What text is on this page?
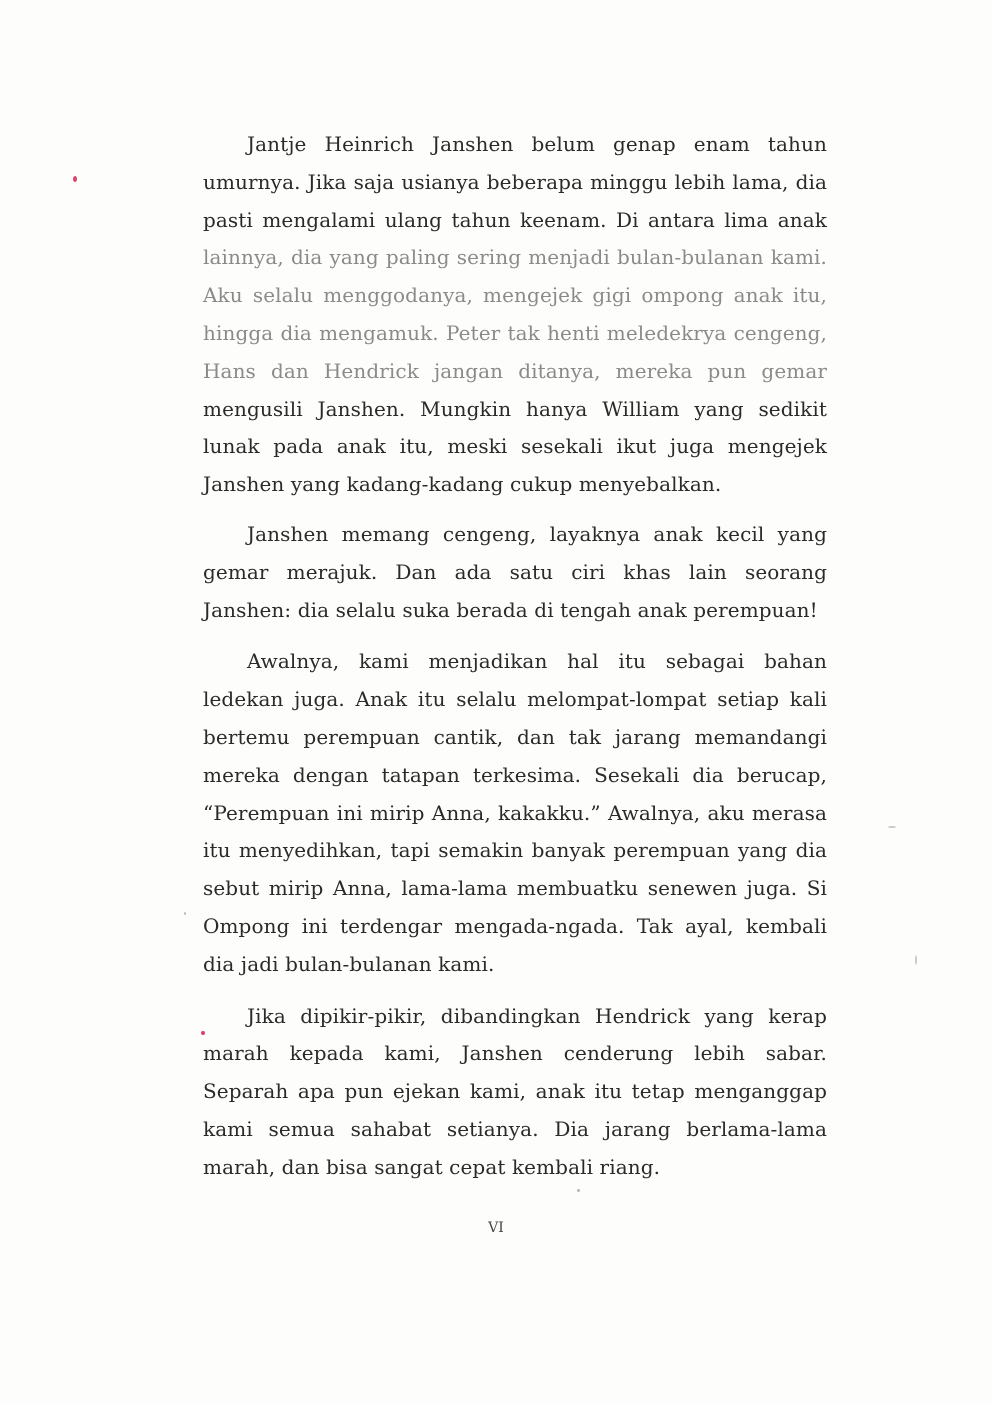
Jantje Heinrich Janshen belum genap enam tahun umurnya. Jika saja usianya beberapa minggu lebih lama, dia pasti mengalami ulang tahun keenam. Di antara lima anak lainnya, dia yang paling sering menjadi bulan-bulanan kami. Aku selalu menggodanya, mengejek gigi ompong anak itu, hingga dia mengamuk. Peter tak henti meledekrya cengeng, Hans dan Hendrick jangan ditanya, mereka pun gemar mengusili Janshen. Mungkin hanya William yang sedikit lunak pada anak itu, meski sesekali ikut juga mengejek Janshen yang kadang-kadang cukup menyebalkan.

Janshen memang cengeng, layaknya anak kecil yang gemar merajuk. Dan ada satu ciri khas lain seorang Janshen: dia selalu suka berada di tengah anak perempuan!

Awalnya, kami menjadikan hal itu sebagai bahan ledekan juga. Anak itu selalu melompat-lompat setiap kali bertemu perempuan cantik, dan tak jarang memandangi mereka dengan tatapan terkesima. Sesekali dia berucap, “Perempuan ini mirip Anna, kakakku.” Awalnya, aku merasa itu menyedihkan, tapi semakin banyak perempuan yang dia sebut mirip Anna, lama-lama membuatku senewen juga. Si Ompong ini terdengar mengada-ngada. Tak ayal, kembali dia jadi bulan-bulanan kami.

Jika dipikir-pikir, dibandingkan Hendrick yang kerap marah kepada kami, Janshen cenderung lebih sabar. Separah apa pun ejekan kami, anak itu tetap menganggap kami semua sahabat setianya. Dia jarang berlama-lama marah, dan bisa sangat cepat kembali riang.

VI
